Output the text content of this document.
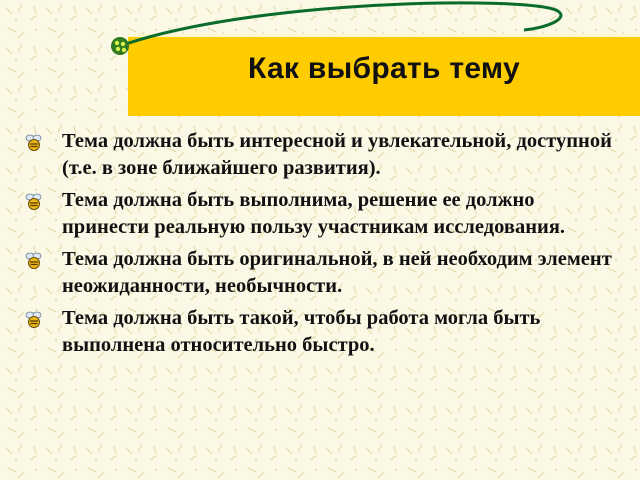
Как выбрать тему
Тема должна быть интересной и увлекательной, доступной (т.е. в зоне ближайшего развития).
Тема должна быть выполнима, решение ее должно принести реальную пользу участникам исследования.
Тема должна быть оригинальной, в ней необходим элемент неожиданности, необычности.
Тема должна быть такой, чтобы работа могла быть выполнена относительно быстро.
